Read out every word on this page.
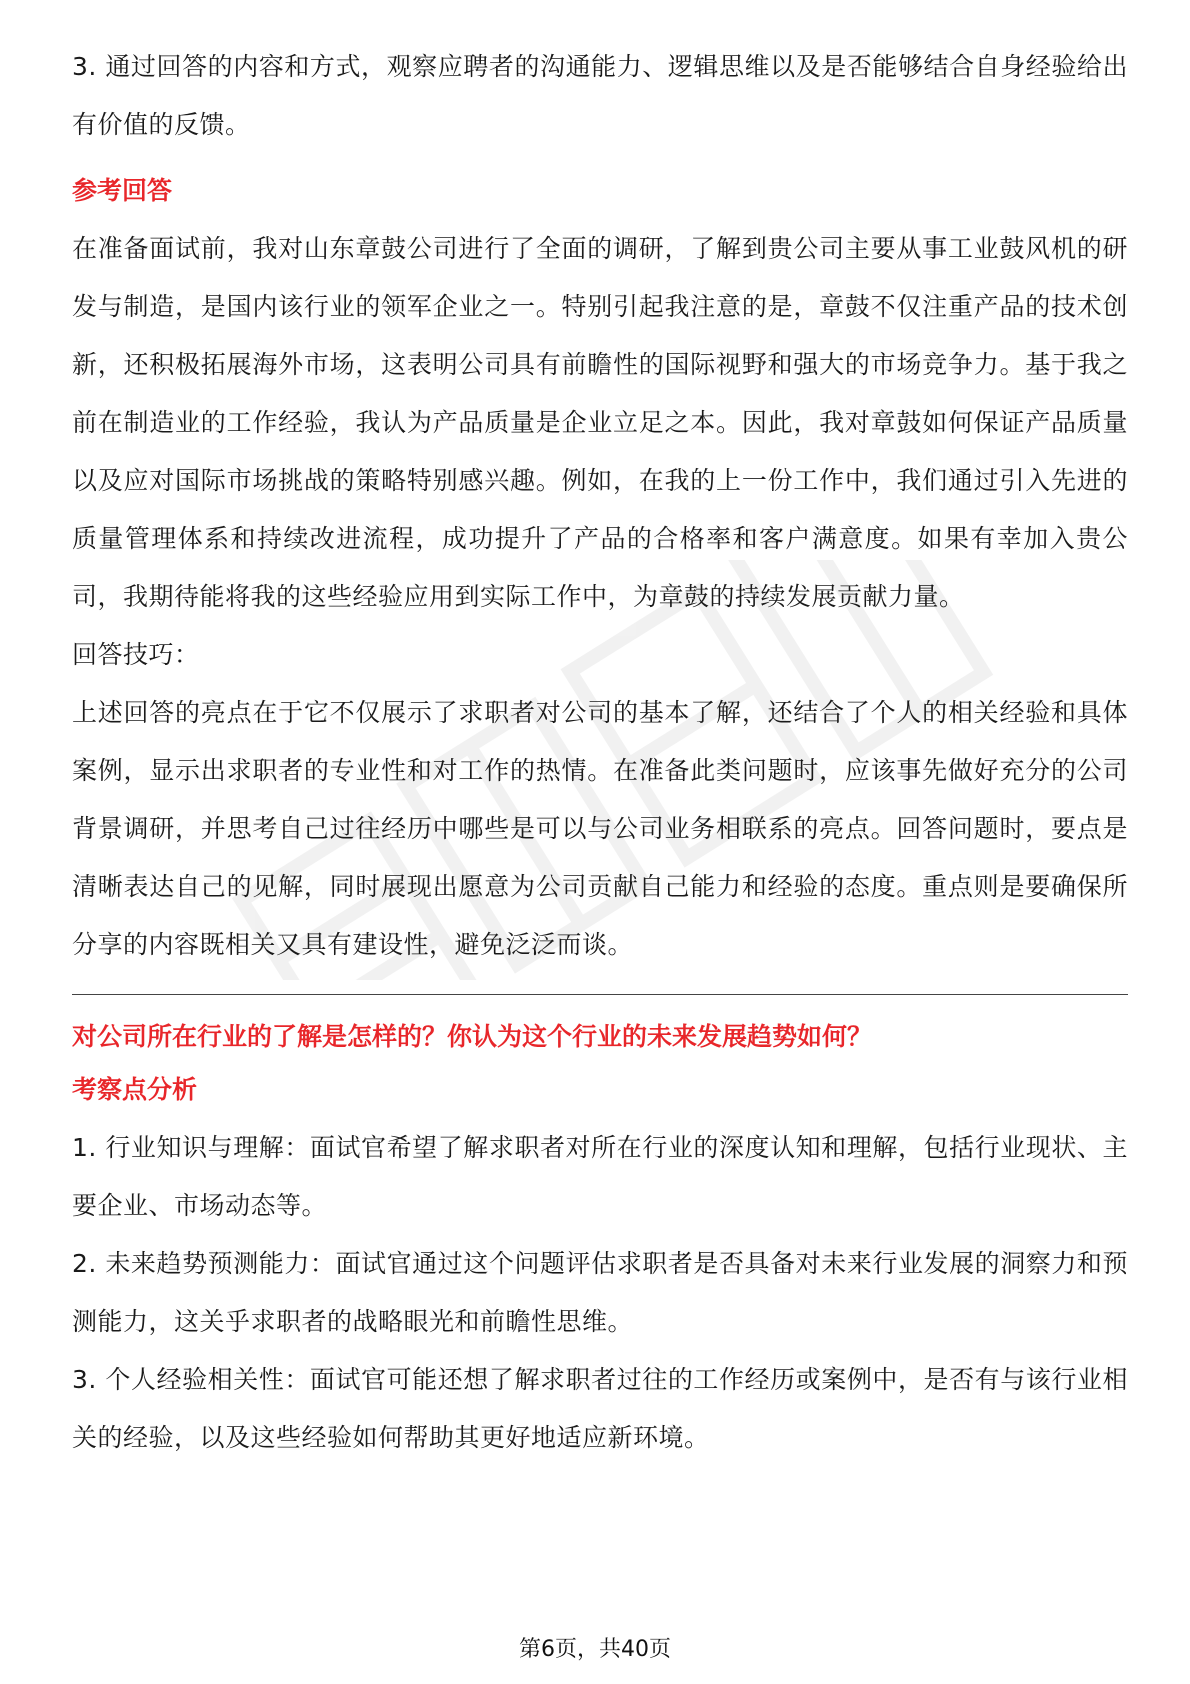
3. 通过回答的内容和方式，观察应聘者的沟通能力、逻辑思维以及是否能够结合自身经验给出有价值的反馈。

参考回答

在准备面试前，我对山东章鼓公司进行了全面的调研，了解到贵公司主要从事工业鼓风机的研发与制造，是国内该行业的领军企业之一。特别引起我注意的是，章鼓不仅注重产品的技术创新，还积极拓展海外市场，这表明公司具有前瞻性的国际视野和强大的市场竞争力。基于我之前在制造业的工作经验，我认为产品质量是企业立足之本。因此，我对章鼓如何保证产品质量以及应对国际市场挑战的策略特别感兴趣。例如，在我的上一份工作中，我们通过引入先进的质量管理体系和持续改进流程，成功提升了产品的合格率和客户满意度。如果有幸加入贵公司，我期待能将我的这些经验应用到实际工作中，为章鼓的持续发展贡献力量。

回答技巧：

上述回答的亮点在于它不仅展示了求职者对公司的基本了解，还结合了个人的相关经验和具体案例，显示出求职者的专业性和对工作的热情。在准备此类问题时，应该事先做好充分的公司背景调研，并思考自己过往经历中哪些是可以与公司业务相联系的亮点。回答问题时，要点是清晰表达自己的见解，同时展现出愿意为公司贡献自己能力和经验的态度。重点则是要确保所分享的内容既相关又具有建设性，避免泛泛而谈。

对公司所在行业的了解是怎样的？你认为这个行业的未来发展趋势如何？

考察点分析

1. 行业知识与理解：面试官希望了解求职者对所在行业的深度认知和理解，包括行业现状、主要企业、市场动态等。

2. 未来趋势预测能力：面试官通过这个问题评估求职者是否具备对未来行业发展的洞察力和预测能力，这关乎求职者的战略眼光和前瞻性思维。

3. 个人经验相关性：面试官可能还想了解求职者过往的工作经历或案例中，是否有与该行业相关的经验，以及这些经验如何帮助其更好地适应新环境。

第6页，共40页
